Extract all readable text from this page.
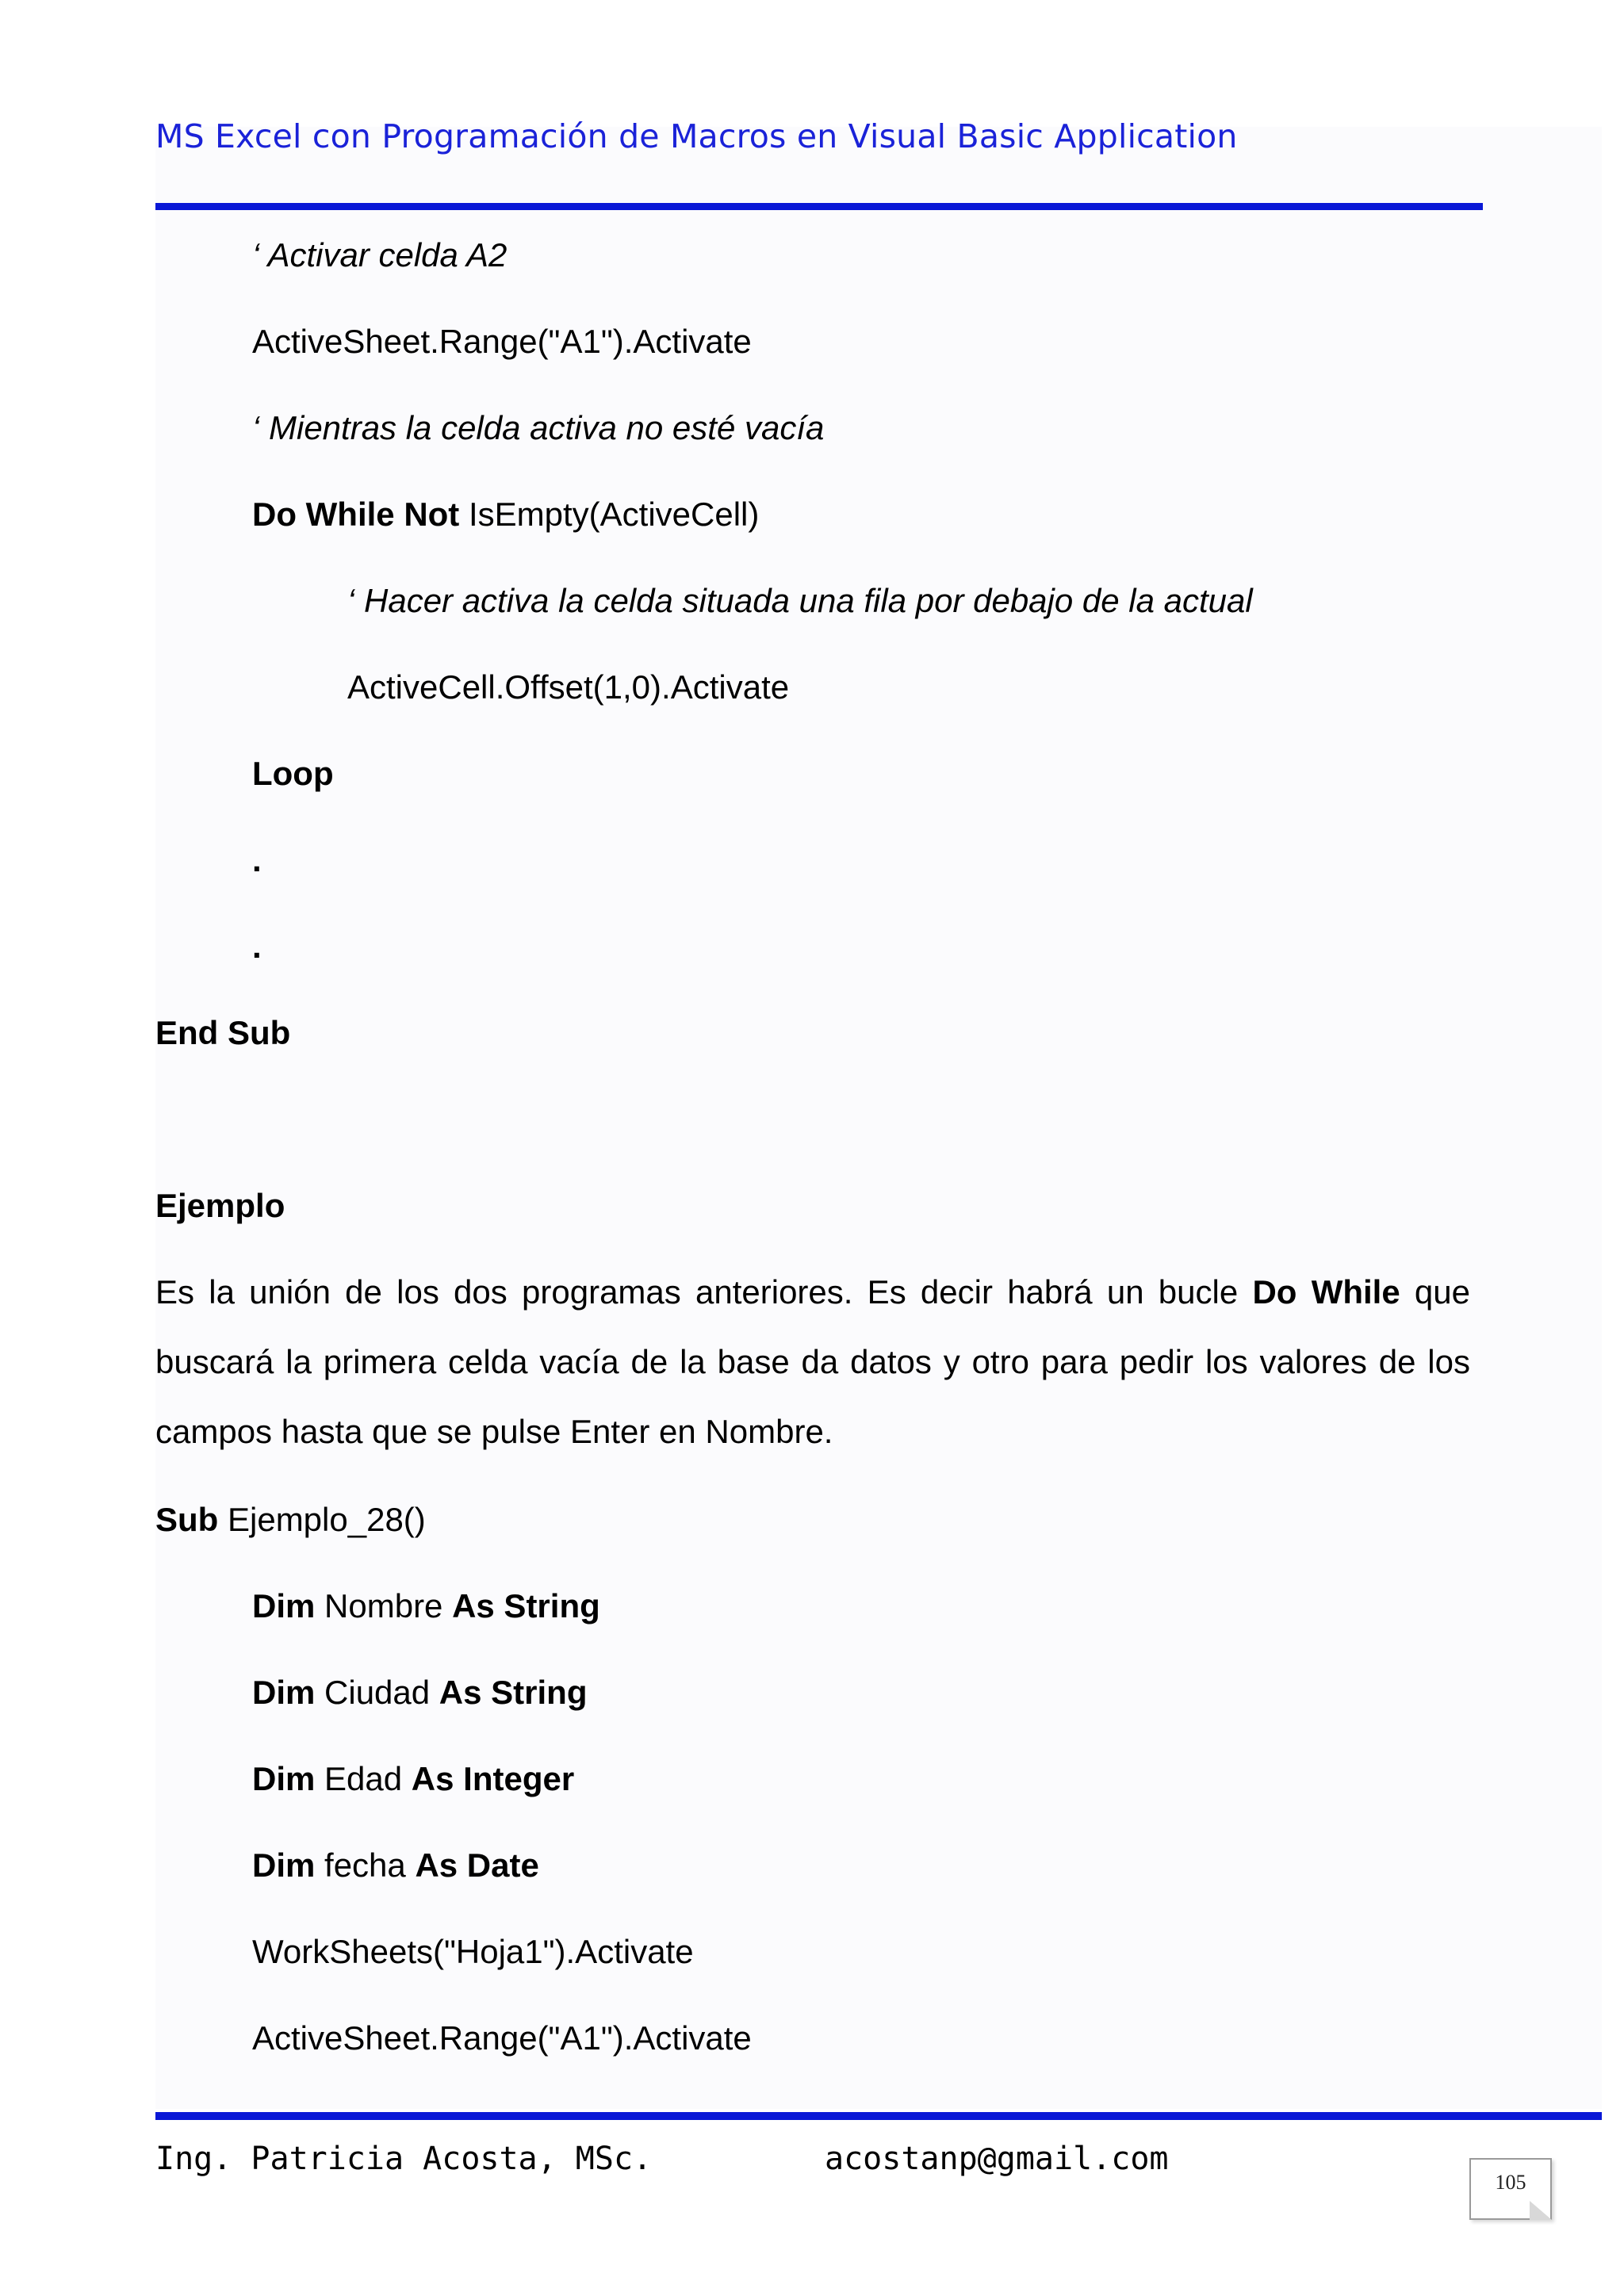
MS Excel con Programación de Macros en Visual Basic Application
‘ Activar celda A2
ActiveSheet.Range("A1").Activate
‘ Mientras la celda activa no esté vacía
Do While Not IsEmpty(ActiveCell)
‘ Hacer activa la celda situada una fila por debajo de la actual
ActiveCell.Offset(1,0).Activate
Loop
.
.
End Sub
Ejemplo
Es la unión de los dos programas anteriores. Es decir habrá un bucle Do While que buscará la primera celda vacía de la base da datos y otro para pedir los valores de los campos hasta que se pulse Enter en Nombre.
Sub Ejemplo_28()
Dim Nombre As String
Dim Ciudad As String
Dim Edad As Integer
Dim fecha As Date
WorkSheets("Hoja1").Activate
ActiveSheet.Range("A1").Activate
Ing. Patricia Acosta, MSc.	acostanp@gmail.com
105
